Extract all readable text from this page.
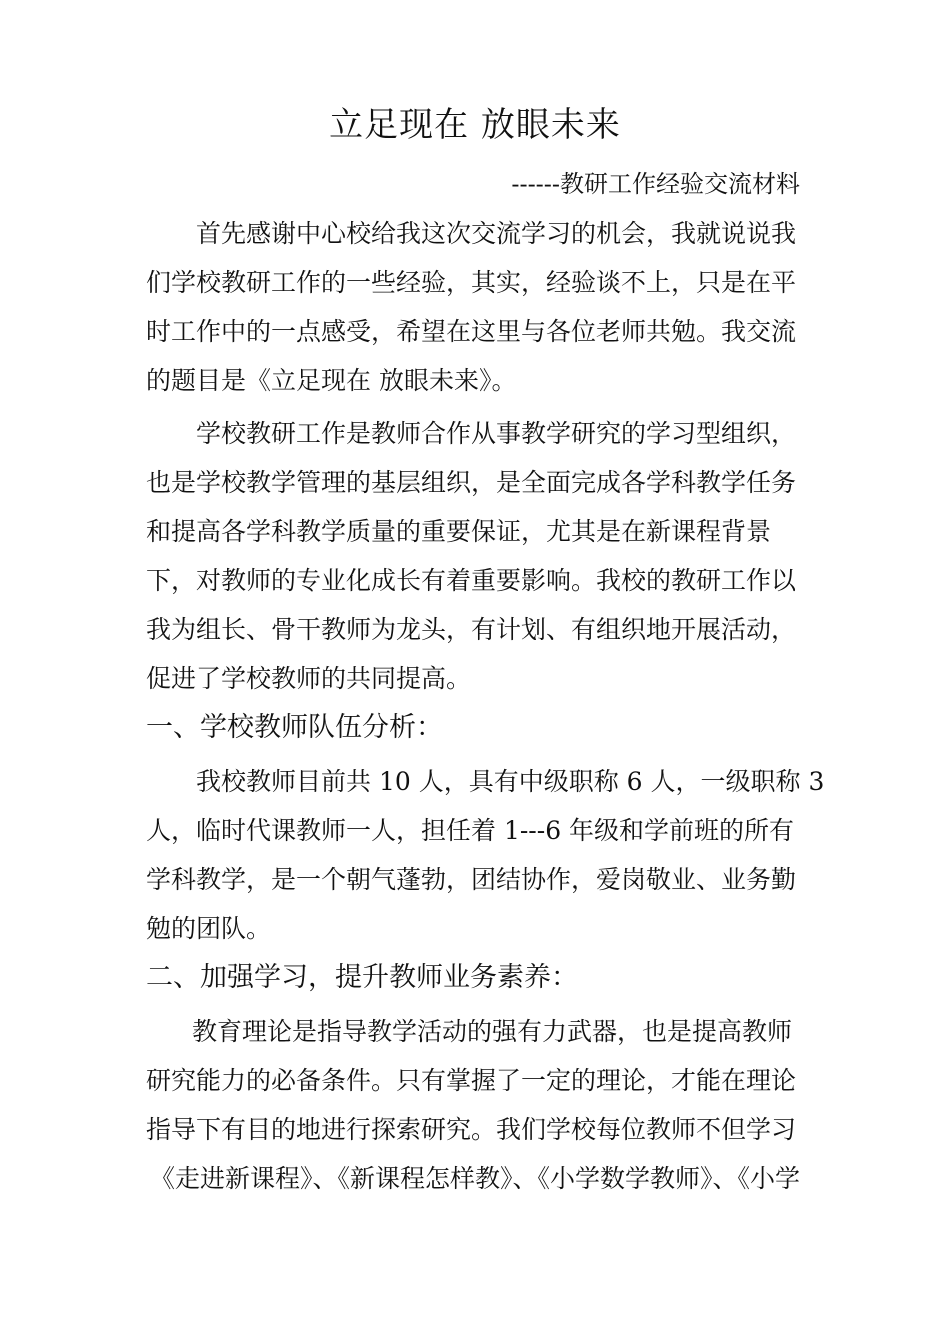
立足现在 放眼未来
------教研工作经验交流材料
首先感谢中心校给我这次交流学习的机会，我就说说我
们学校教研工作的一些经验，其实，经验谈不上，只是在平
时工作中的一点感受，希望在这里与各位老师共勉。我交流
的题目是《立足现在 放眼未来》。
学校教研工作是教师合作从事教学研究的学习型组织，
也是学校教学管理的基层组织，是全面完成各学科教学任务
和提高各学科教学质量的重要保证，尤其是在新课程背景
下，对教师的专业化成长有着重要影响。我校的教研工作以
我为组长、骨干教师为龙头，有计划、有组织地开展活动，
促进了学校教师的共同提高。
一、学校教师队伍分析：
我校教师目前共 10 人，具有中级职称 6 人，一级职称 3
人，临时代课教师一人，担任着 1---6 年级和学前班的所有
学科教学，是一个朝气蓬勃，团结协作，爱岗敬业、业务勤
勉的团队。
二、加强学习，提升教师业务素养：
教育理论是指导教学活动的强有力武器，也是提高教师
研究能力的必备条件。只有掌握了一定的理论，才能在理论
指导下有目的地进行探索研究。我们学校每位教师不但学习
《走进新课程》、《新课程怎样教》、《小学数学教师》、《小学
